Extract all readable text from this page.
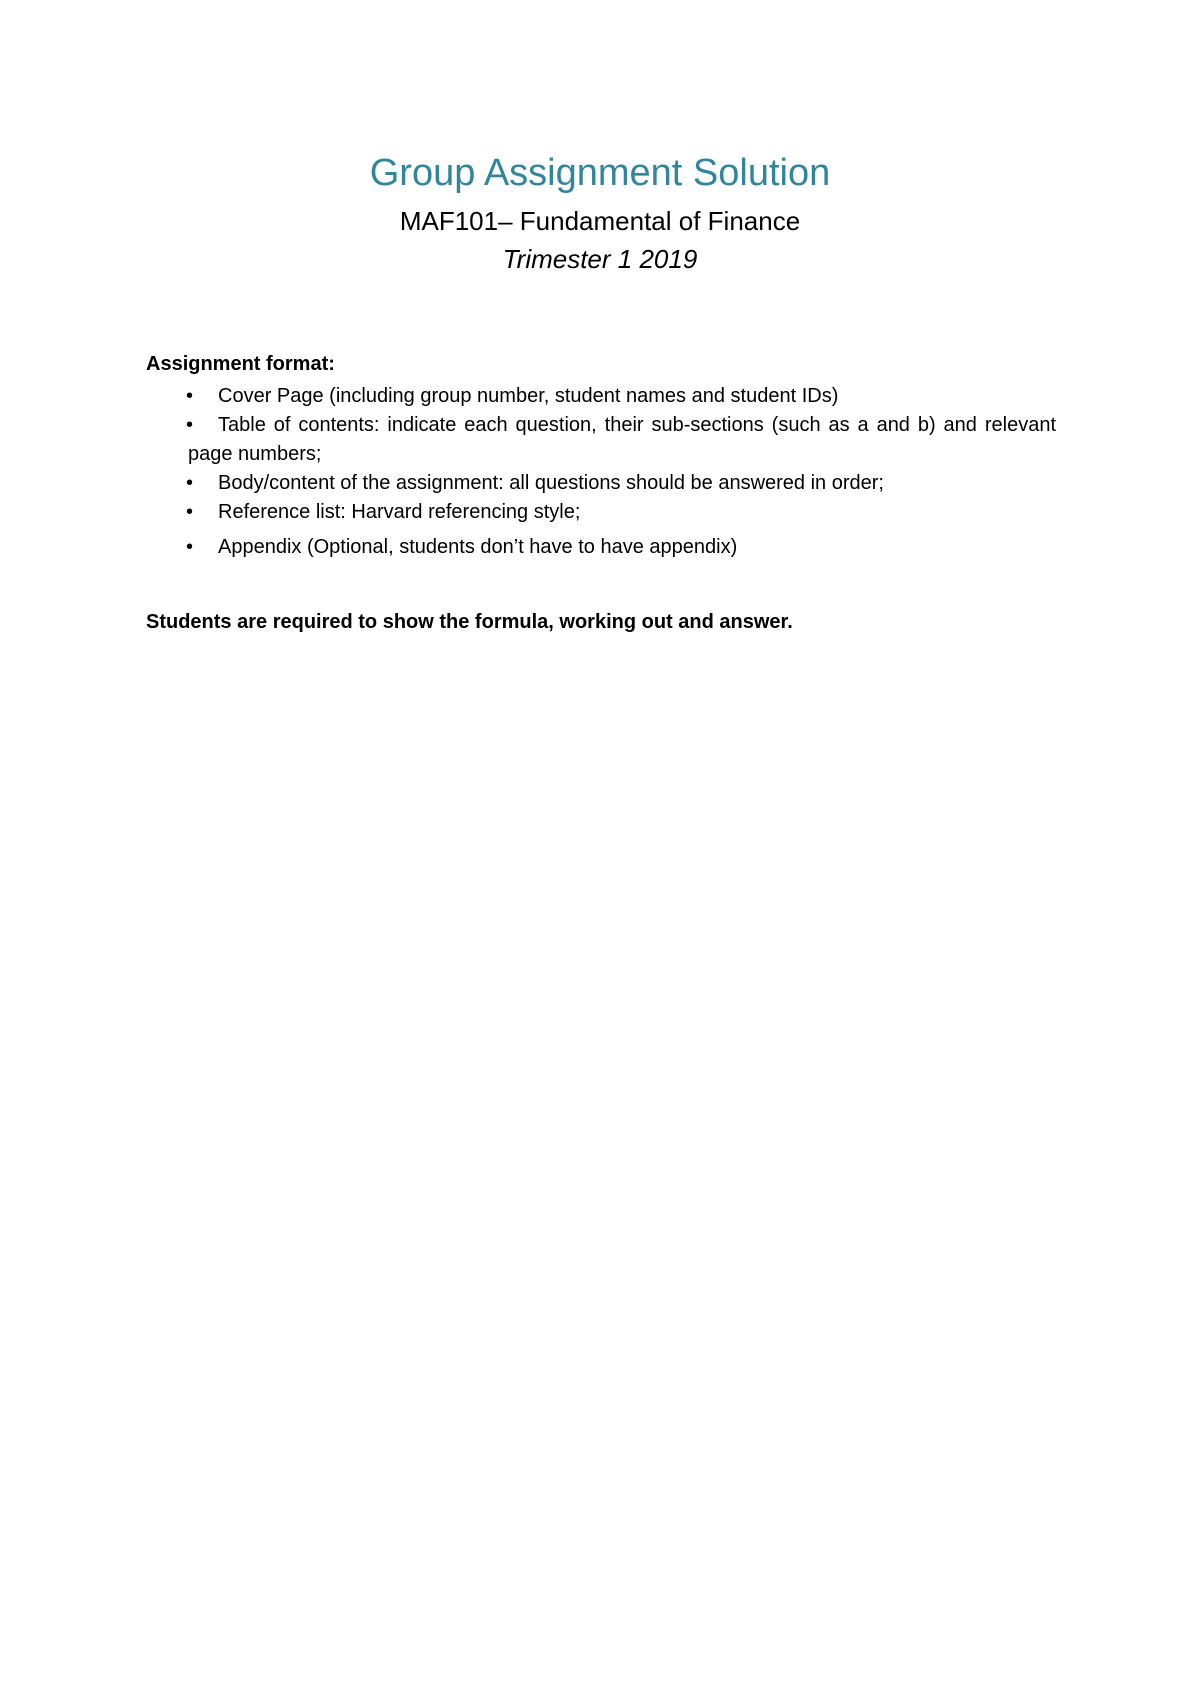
Group Assignment Solution

MAF101– Fundamental of Finance

Trimester 1 2019

Assignment format:

•	Cover Page (including group number, student names and student IDs)
•	Table of contents: indicate each question, their sub-sections (such as a and b) and relevant page numbers;
•	Body/content of the assignment: all questions should be answered in order;
•	Reference list: Harvard referencing style;
•	Appendix (Optional, students don’t have to have appendix)

Students are required to show the formula, working out and answer.
